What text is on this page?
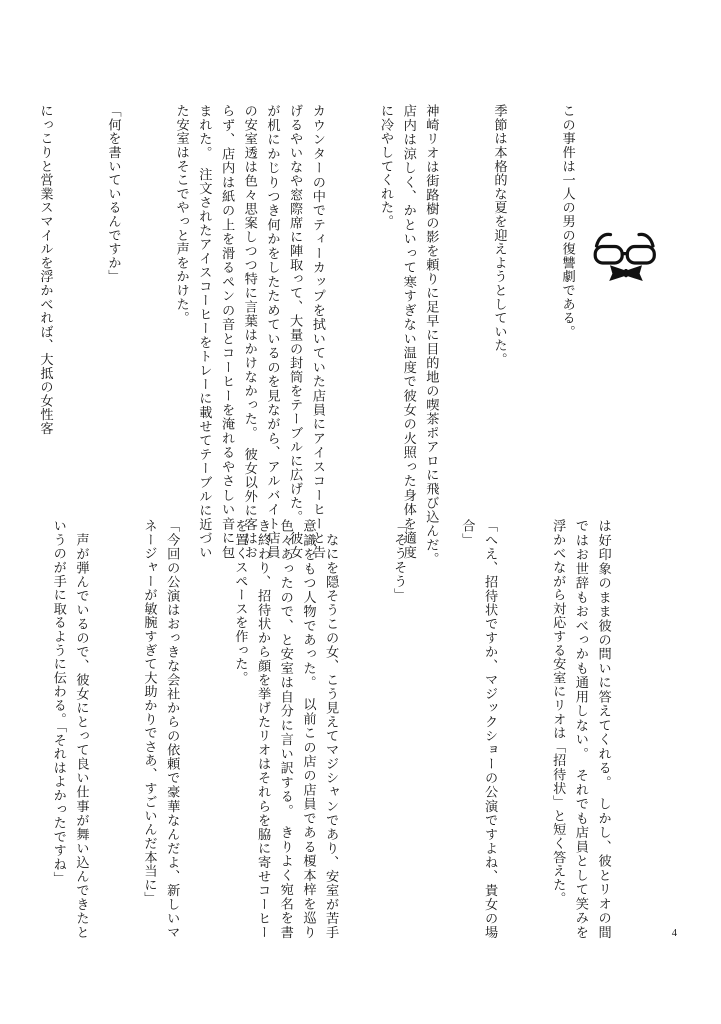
この事件は一人の男の復讐劇である。

季節は本格的な夏を迎えようとしていた。

神崎リオは街路樹の影を頼りに足早に目的地の喫茶ポアロに飛び込んだ。　店内は涼しく、かといって寒すぎない温度で彼女の火照った身体を適度に冷やしてくれた。

カウンターの中でティーカップを拭いていた店員にアイスコーヒーと告げるやいなや窓際席に陣取って、大量の封筒をテーブルに広げた。　彼女が机にかじりつき何かをしたためているのを見ながら、アルバイト店員の安室透は色々思案しつつ特に言葉はかけなかった。　彼女以外に客はおらず、店内は紙の上を滑るペンの音とコーヒーを淹れるやさしい音に包まれた。　注文されたアイスコーヒーをトレーに載せてテーブルに近づいた安室はそこでやっと声をかけた。

「何を書いているんですか」

にっこりと営業スマイルを浮かべれば、大抵の女性客

は好印象のまま彼の問いに答えてくれる。　しかし、彼とリオの間ではお世辞もおべっかも通用しない。　それでも店員として笑みを浮かべながら対応する安室にリオは「招待状」と短く答えた。

「へえ、招待状ですか、マジックショーの公演ですよね、貴女の場合」

「そうそう」

　なにを隠そうこの女、こう見えてマジシャンであり、安室が苦手意識をもつ人物であった。　以前この店の店員である榎本梓を巡り色々あったので、と安室は自分に言い訳する。　きりよく宛名を書き終わり、招待状から顔を挙げたリオはそれらを脇に寄せコーヒーを置くスペースを作った。

「今回の公演はおっきな会社からの依頼で豪華なんだよ、新しいマネージャーが敏腕すぎて大助かりでさあ、すごいんだ本当に」

　声が弾んでいるので、彼女にとって良い仕事が舞い込んできたというのが手に取るように伝わる。「それはよかったですね」

4
